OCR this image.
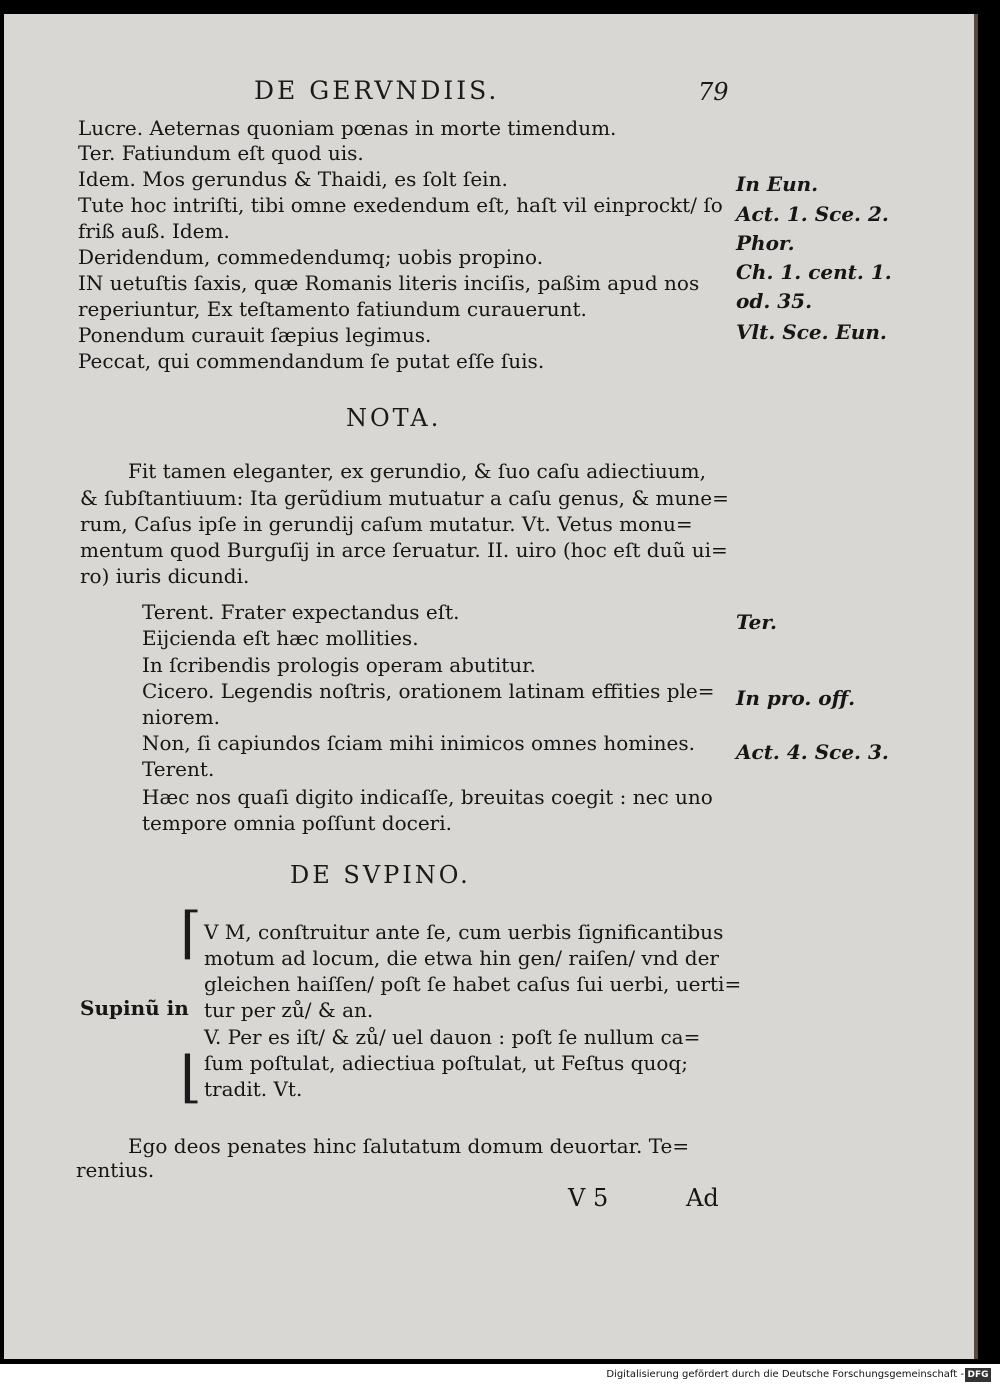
DE GERVNDIIS.	79
Lucre. Aeternas quoniam pœnas in morte timendum.
Ter. Fatiundum eſt quod uis.
Idem. Mos gerundus & Thaidi, es ſolt ſein.
Tute hoc intriſti, tibi omne exedendum eſt, haſt vil einprockt/ ſo
friß auß. Idem.
Deridendum, commedendumq; uobis propino.
IN uetuſtis ſaxis, quæ Romanis literis inciſis, paßim apud nos
reperiuntur, Ex teſtamento fatiundum curauerunt.
Ponendum curauit ſæpius legimus.
Peccat, qui commendandum ſe putat eſſe ſuis.
In Eun.
Act. 1. Sce. 2.
Phor.
Ch. 1. cent. 1.
od. 35.
Vlt. Sce. Eun.
NOTA.
Fit tamen eleganter, ex gerundio, & ſuo caſu adiectiuum,
& ſubſtantiuum: Ita gerũdium mutuatur a caſu genus, & mune=
rum, Caſus ipſe in gerundij caſum mutatur. Vt. Vetus monu=
mentum quod Burguſij in arce ſeruatur. II. uiro (hoc eſt duũ ui=
ro) iuris dicundi.
Terent. Frater expectandus eſt.
Eijcienda eſt hæc mollities.
In ſcribendis prologis operam abutitur.
Cicero. Legendis noſtris, orationem latinam effities ple=
niorem.
Non, ſi capiundos ſciam mihi inimicos omnes homines.
Terent.
Hæc nos quaſi digito indicaſſe, breuitas coegit : nec uno
tempore omnia poſſunt doceri.
Ter.
In pro. off.
Act. 4. Sce. 3.
DE SVPINO.
⌈
⌊
Supinũ in
V M, conſtruitur ante ſe, cum uerbis ſignificantibus
motum ad locum, die etwa hin gen/ raiſen/ vnd der
gleichen haiſſen/ poſt ſe habet caſus ſui uerbi, uerti=
tur per zů/ & an.
V. Per es iſt/ & zů/ uel dauon : poſt ſe nullum ca=
ſum poſtulat, adiectiua poſtulat, ut Feſtus quoq;
tradit. Vt.
Ego deos penates hinc ſalutatum domum deuortar. Te=
rentius.
V 5	Ad
Digitalisierung gefördert durch die Deutsche Forschungsgemeinschaft - DFG
